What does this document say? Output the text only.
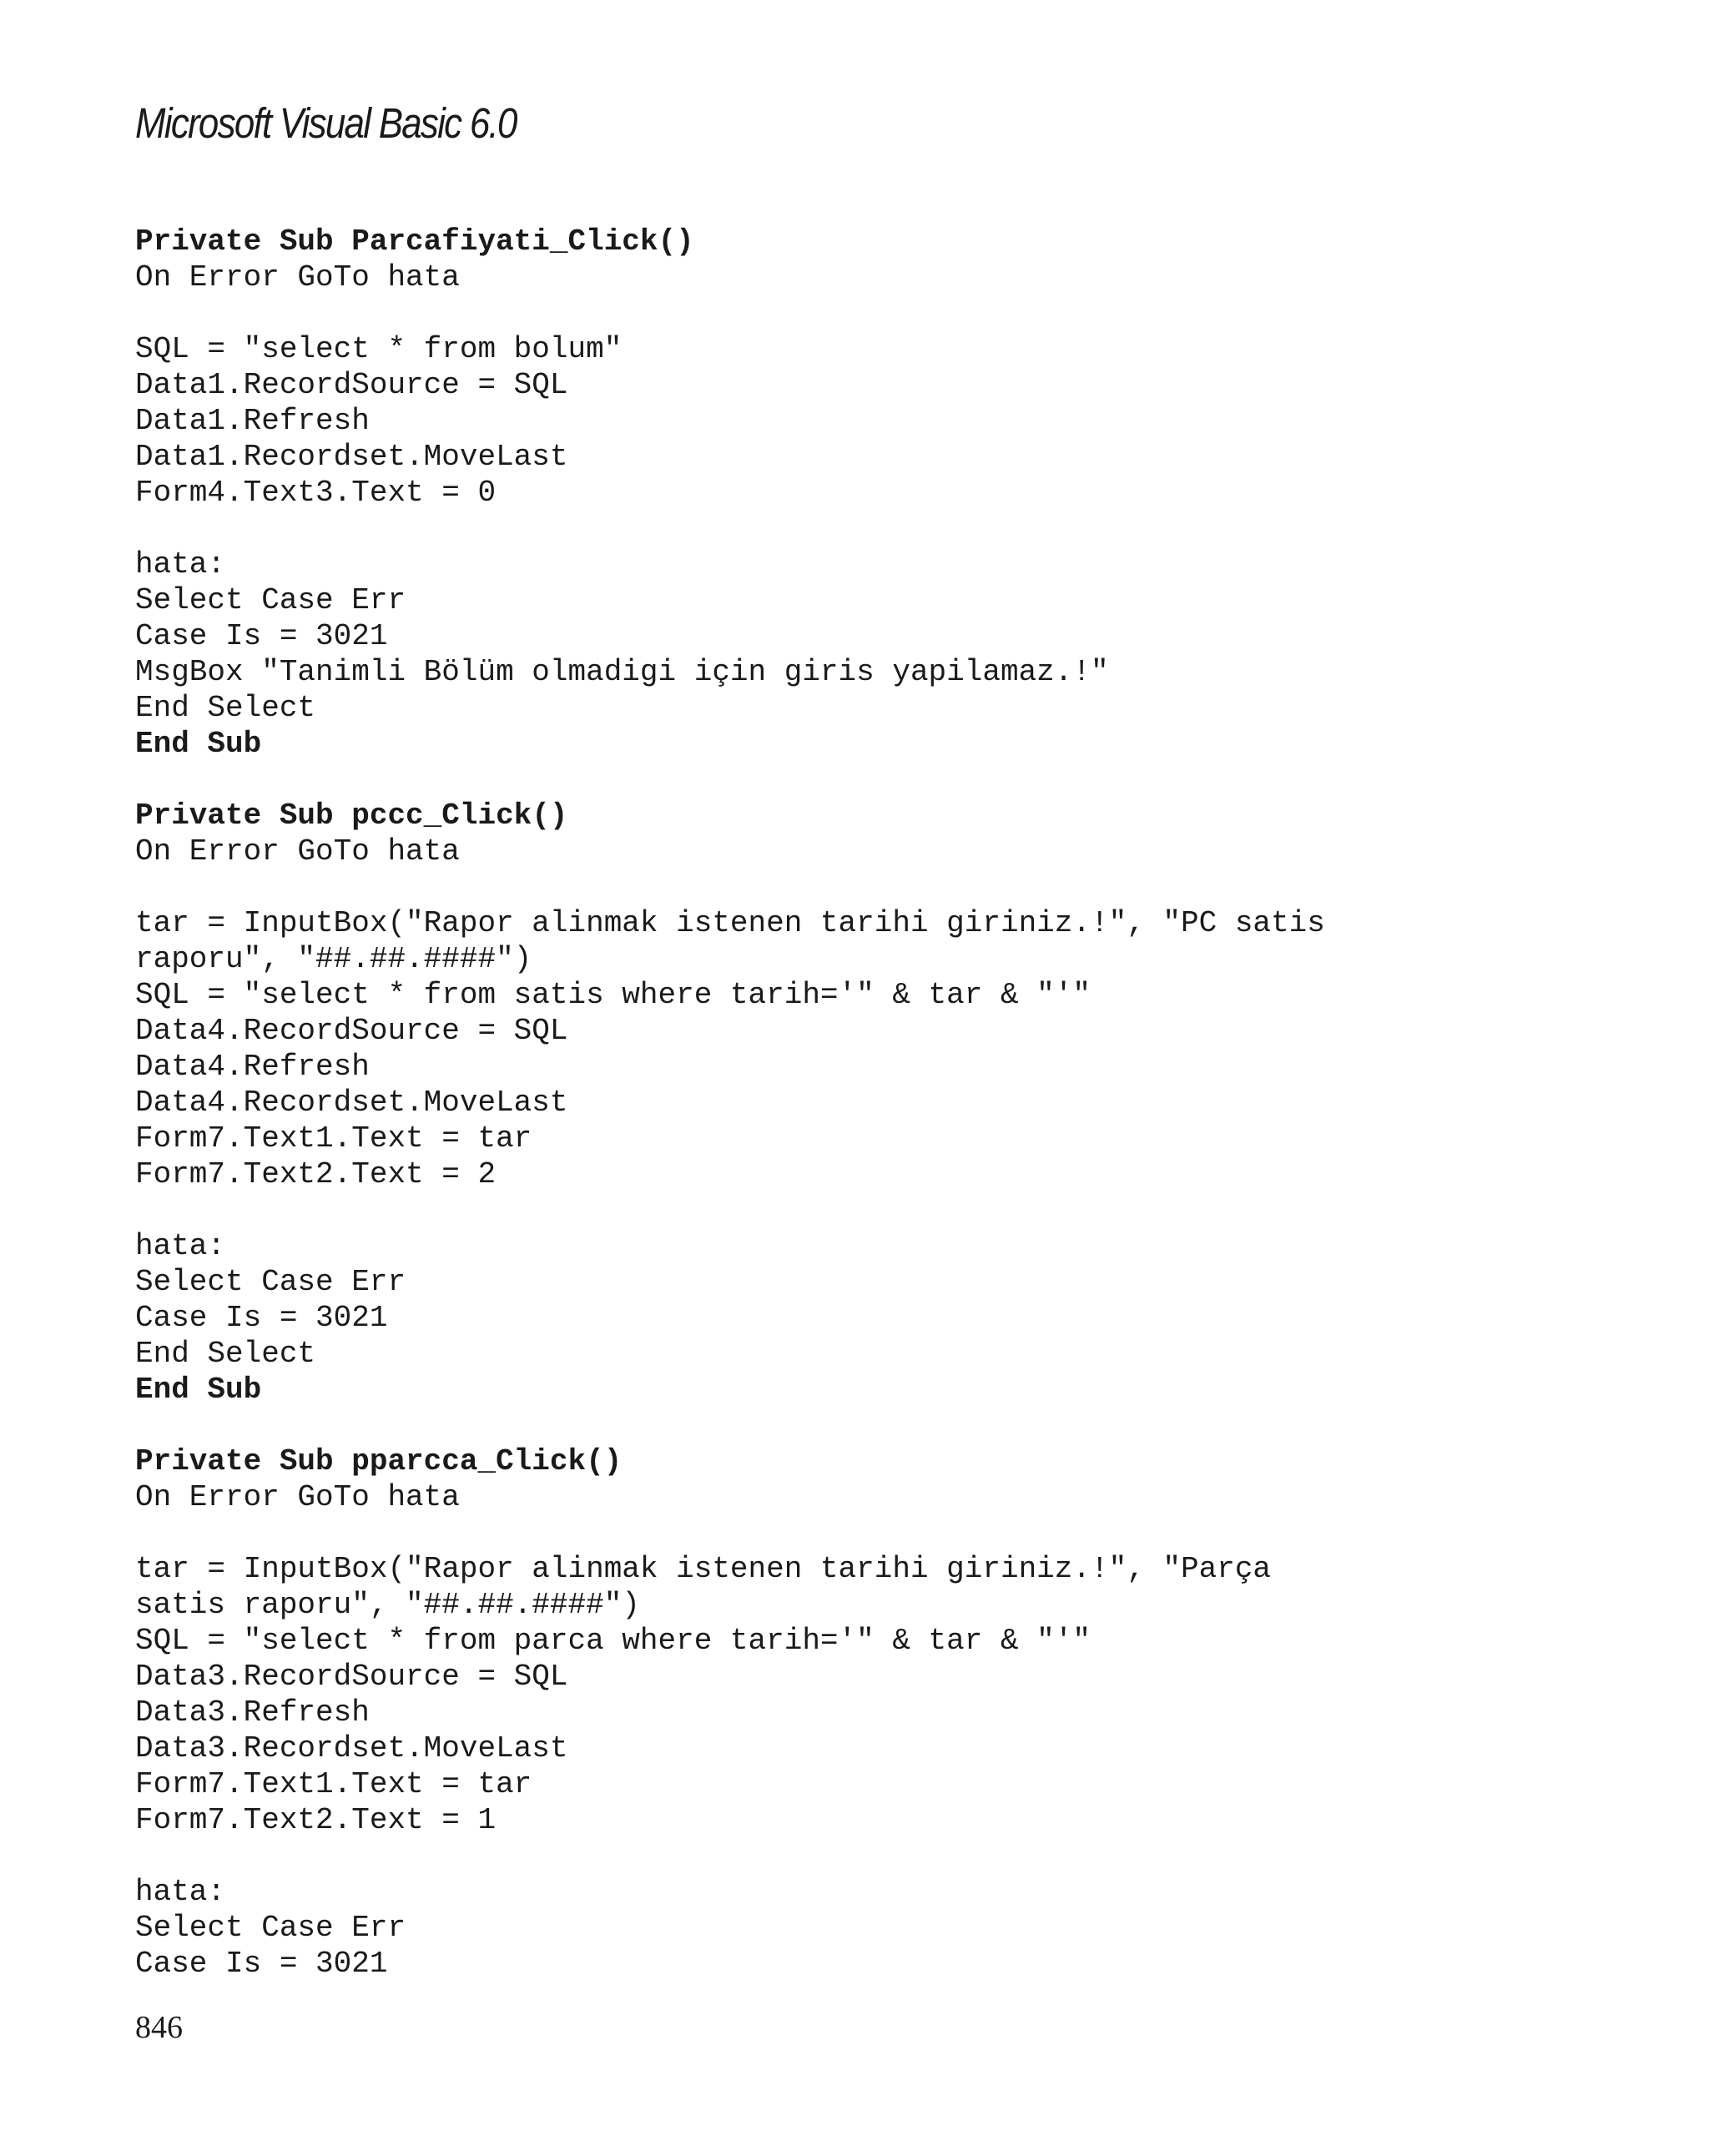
Microsoft Visual Basic 6.0
Private Sub Parcafiyati_Click()
On Error GoTo hata
SQL = "select * from bolum"
Data1.RecordSource = SQL
Data1.Refresh
Data1.Recordset.MoveLast
Form4.Text3.Text = 0
hata:
Select Case Err
Case Is = 3021
MsgBox "Tanimli Bölüm olmadigi için giris yapilamaz.!"
End Select
End Sub
Private Sub pccc_Click()
On Error GoTo hata
tar = InputBox("Rapor alinmak istenen tarihi giriniz.!", "PC satis
raporu", "##.##.####")
SQL = "select * from satis where tarih='" & tar & "'"
Data4.RecordSource = SQL
Data4.Refresh
Data4.Recordset.MoveLast
Form7.Text1.Text = tar
Form7.Text2.Text = 2
hata:
Select Case Err
Case Is = 3021
End Select
End Sub
Private Sub pparcca_Click()
On Error GoTo hata
tar = InputBox("Rapor alinmak istenen tarihi giriniz.!", "Parça
satis raporu", "##.##.####")
SQL = "select * from parca where tarih='" & tar & "'"
Data3.RecordSource = SQL
Data3.Refresh
Data3.Recordset.MoveLast
Form7.Text1.Text = tar
Form7.Text2.Text = 1
hata:
Select Case Err
Case Is = 3021
846
